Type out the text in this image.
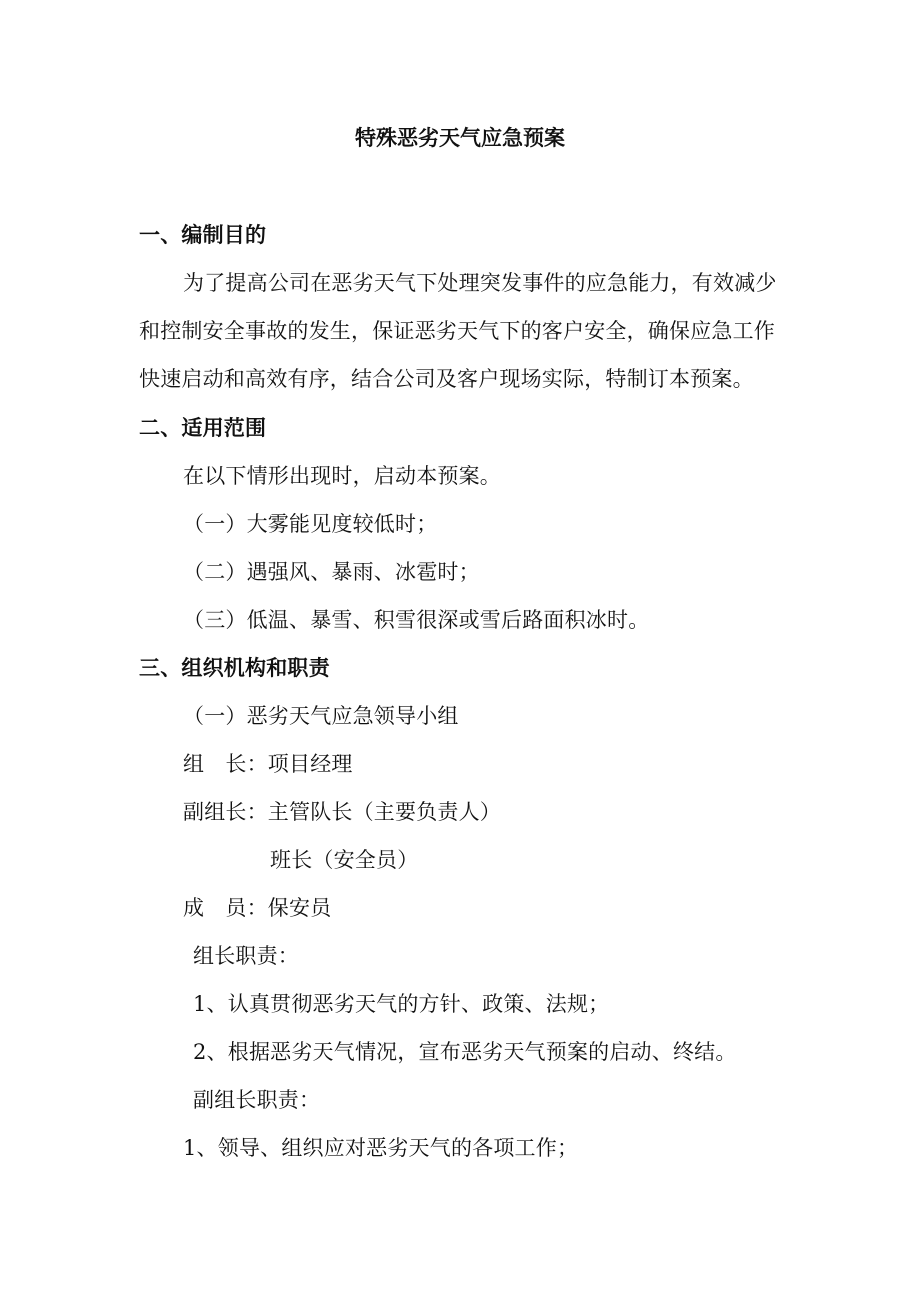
特殊恶劣天气应急预案
一、编制目的
为了提高公司在恶劣天气下处理突发事件的应急能力，有效减少
和控制安全事故的发生，保证恶劣天气下的客户安全，确保应急工作
快速启动和高效有序，结合公司及客户现场实际，特制订本预案。
二、适用范围
在以下情形出现时，启动本预案。
（一）大雾能见度较低时；
（二）遇强风、暴雨、冰雹时；
（三）低温、暴雪、积雪很深或雪后路面积冰时。
三、组织机构和职责
（一）恶劣天气应急领导小组
组　长：项目经理
副组长：主管队长（主要负责人）
班长（安全员）
成　员：保安员
组长职责：
1、认真贯彻恶劣天气的方针、政策、法规；
2、根据恶劣天气情况，宣布恶劣天气预案的启动、终结。
副组长职责：
1、领导、组织应对恶劣天气的各项工作；
